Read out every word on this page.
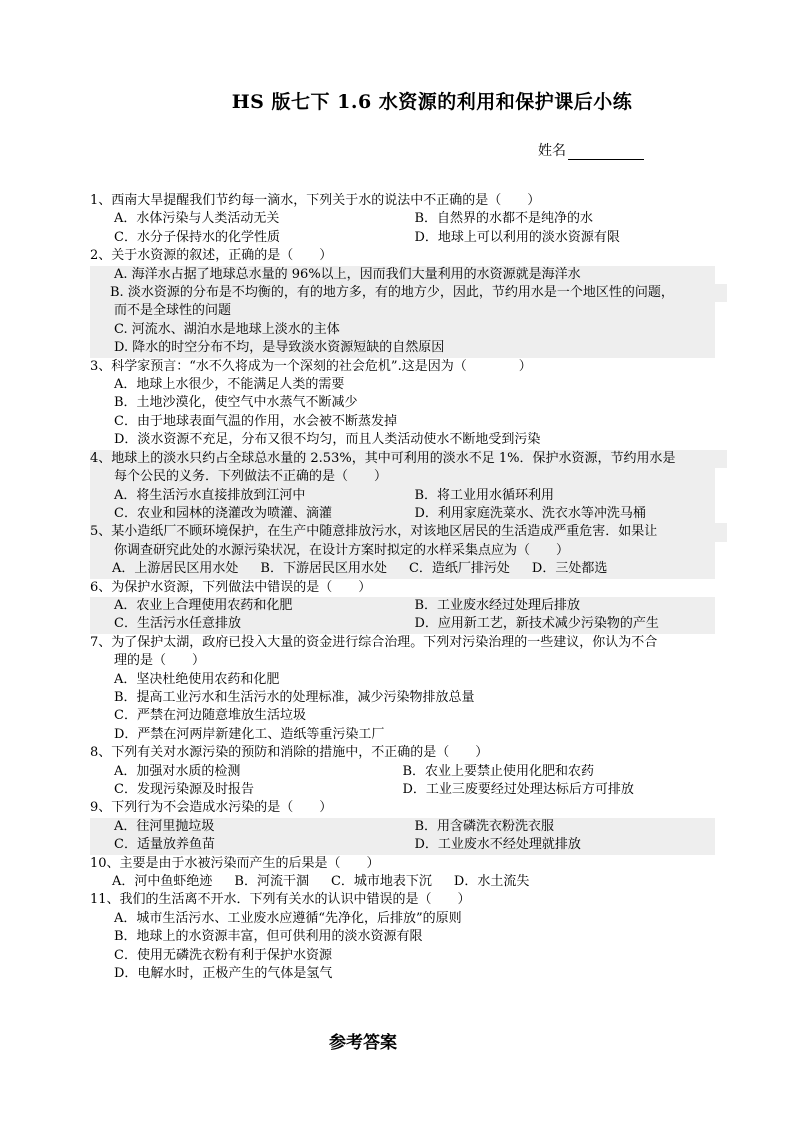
HS 版七下 1.6 水资源的利用和保护课后小练
姓名
1、西南大旱提醒我们节约每一滴水，下列关于水的说法中不正确的是（　　）
A．水体污染与人类活动无关	B．自然界的水都不是纯净的水
C．水分子保持水的化学性质	D．地球上可以利用的淡水资源有限
2、关于水资源的叙述，正确的是（　　）
A. 海洋水占据了地球总水量的 96%以上，因而我们大量利用的水资源就是海洋水
B. 淡水资源的分布是不均衡的，有的地方多，有的地方少，因此，节约用水是一个地区性的问题，
而不是全球性的问题
C. 河流水、湖泊水是地球上淡水的主体
D. 降水的时空分布不均，是导致淡水资源短缺的自然原因
3、科学家预言：“水不久将成为一个深刻的社会危机”.这是因为（　　　　）
A．地球上水很少，不能满足人类的需要
B．土地沙漠化，使空气中水蒸气不断减少
C．由于地球表面气温的作用，水会被不断蒸发掉
D．淡水资源不充足，分布又很不均匀，而且人类活动使水不断地受到污染
4、地球上的淡水只约占全球总水量的 2.53%，其中可利用的淡水不足 1%．保护水资源，节约用水是
每个公民的义务．下列做法不正确的是（　　）
A．将生活污水直接排放到江河中	B．将工业用水循环利用
C．农业和园林的浇灌改为喷灌、滴灌	D．利用家庭洗菜水、洗衣水等冲洗马桶
5、某小造纸厂不顾环境保护，在生产中随意排放污水，对该地区居民的生活造成严重危害．如果让
你调查研究此处的水源污染状况，在设计方案时拟定的水样采集点应为（　　）
A．上游居民区用水处	B．下游居民区用水处	C．造纸厂排污处	D．三处都选
6、为保护水资源，下列做法中错误的是（　　）
A．农业上合理使用农药和化肥	B．工业废水经过处理后排放
C．生活污水任意排放	D．应用新工艺，新技术减少污染物的产生
7、为了保护太湖，政府已投入大量的资金进行综合治理。下列对污染治理的一些建议，你认为不合
理的是（　　）
A．坚决杜绝使用农药和化肥
B．提高工业污水和生活污水的处理标准，减少污染物排放总量
C．严禁在河边随意堆放生活垃圾
D．严禁在河两岸新建化工、造纸等重污染工厂
8、下列有关对水源污染的预防和消除的措施中，不正确的是（　　）
A．加强对水质的检测	B．农业上要禁止使用化肥和农药
C．发现污染源及时报告	D．工业三废要经过处理达标后方可排放
9、下列行为不会造成水污染的是（　　）
A．往河里抛垃圾	B．用含磷洗衣粉洗衣服
C．适量放养鱼苗	D．工业废水不经处理就排放
10、主要是由于水被污染而产生的后果是（　　）
A．河中鱼虾绝迹	B．河流干涸	C．城市地表下沉	D．水土流失
11、我们的生活离不开水．下列有关水的认识中错误的是（　　）
A．城市生活污水、工业废水应遵循“先净化，后排放”的原则
B．地球上的水资源丰富，但可供利用的淡水资源有限
C．使用无磷洗衣粉有利于保护水资源
D．电解水时，正极产生的气体是氢气
参考答案
